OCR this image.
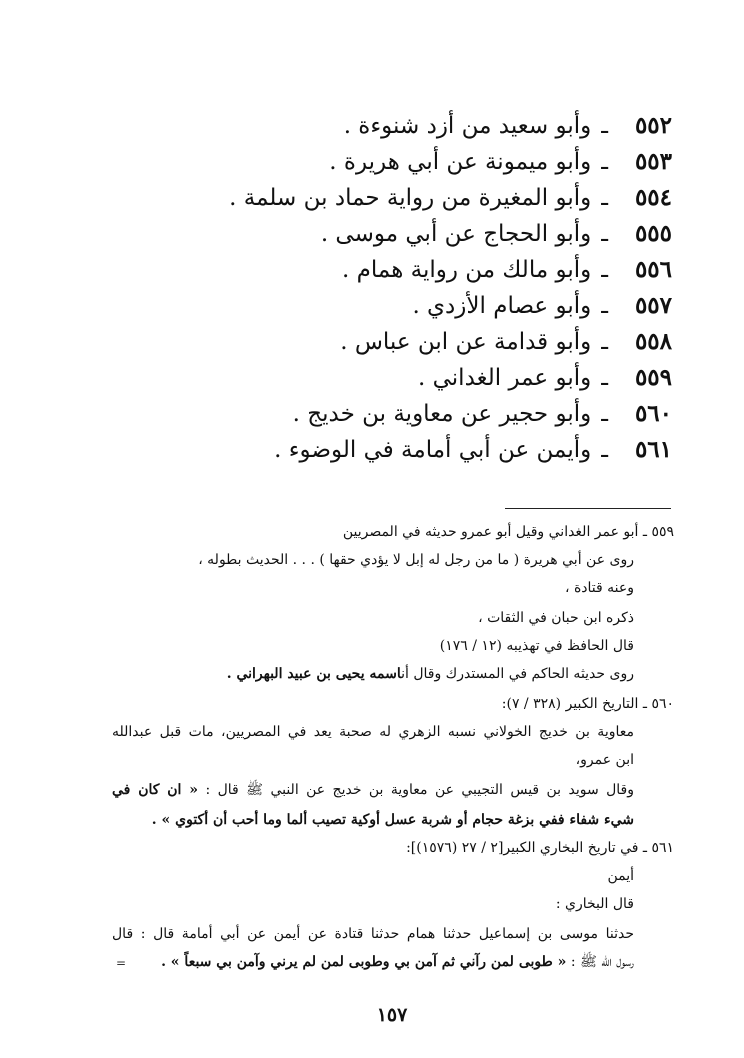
٥٥٢ـوأبو سعيد من أزد شنوءة .
٥٥٣ـوأبو ميمونة عن أبي هريرة .
٥٥٤ـوأبو المغيرة من رواية حماد بن سلمة .
٥٥٥ـوأبو الحجاج عن أبي موسى .
٥٥٦ـوأبو مالك من رواية همام .
٥٥٧ـوأبو عصام الأزدي .
٥٥٨ـوأبو قدامة عن ابن عباس .
٥٥٩ـوأبو عمر الغداني .
٥٦٠ـوأبو حجير عن معاوية بن خديج .
٥٦١ـوأيمن عن أبي أمامة في الوضوء .
٥٥٩ ـ أبو عمر الغداني وقيل أبو عمرو حديثه في المصريين
روى عن أبي هريرة ( ما من رجل له إبل لا يؤدي حقها ) . . . الحديث بطوله ،
وعنه قتادة ،
ذكره ابن حبان في الثقات ،
قال الحافظ في تهذيبه (١٢ / ١٧٦)
روى حديثه الحاكم في المستدرك وقال أناسمه يحيى بن عبيد البهراني .
٥٦٠ ـ التاريخ الكبير (٣٢٨ / ٧):
معاوية بن خديج الخولاني نسبه الزهري له صحبة يعد في المصريين، مات قبل عبدالله
ابن عمرو،
وقال سويد بن قيس التجيبي عن معاوية بن خديج عن النبي ﷺ قال : « ان كان في
شيء شفاء ففي بزغة حجام أو شربة عسل أوكية تصيب ألما وما أحب أن أكتوي » .
٥٦١ ـ في تاريخ البخاري الكبير[٢ / ٢٧ (١٥٧٦)]:
أيمن
قال البخاري :
حدثنا موسى بن إسماعيل حدثنا همام حدثنا قتادة عن أيمن عن أبي أمامة قال : قال
رسول الله ﷺ : « طوبى لمن رآني ثم آمن بي وطوبى لمن لم يرني وآمن بي سبعاً » .
=
١٥٧
